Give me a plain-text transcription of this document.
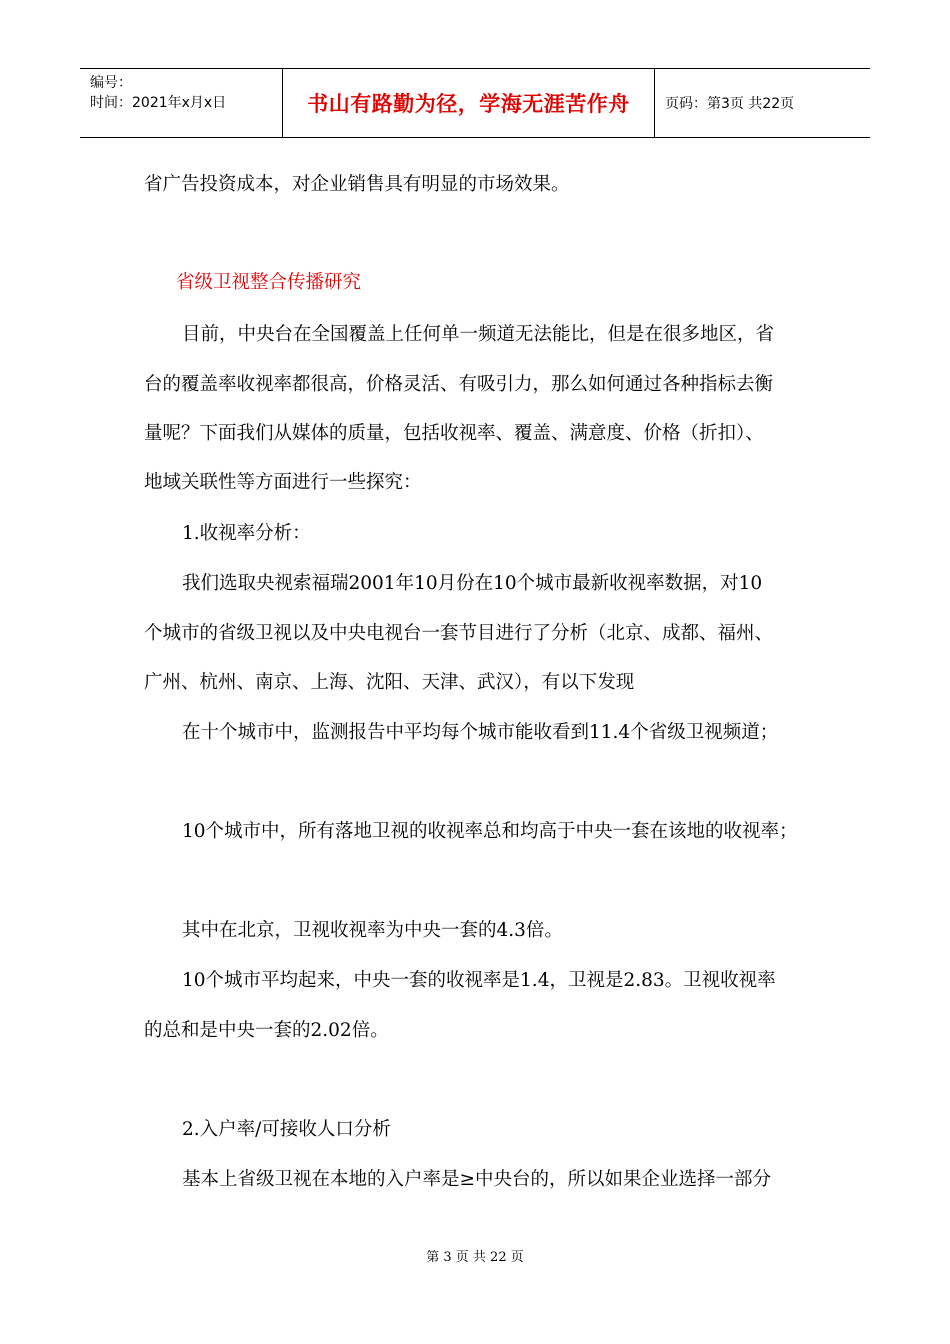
编号：
时间：2021年x月x日	书山有路勤为径，学海无涯苦作舟	页码：第3页 共22页
省广告投资成本，对企业销售具有明显的市场效果。
省级卫视整合传播研究
目前，中央台在全国覆盖上任何单一频道无法能比，但是在很多地区，省
台的覆盖率收视率都很高，价格灵活、有吸引力，那么如何通过各种指标去衡
量呢？下面我们从媒体的质量，包括收视率、覆盖、满意度、价格（折扣）、
地域关联性等方面进行一些探究：
1.收视率分析：
我们选取央视索福瑞2001年10月份在10个城市最新收视率数据，对10
个城市的省级卫视以及中央电视台一套节目进行了分析（北京、成都、福州、
广州、杭州、南京、上海、沈阳、天津、武汉），有以下发现
在十个城市中，监测报告中平均每个城市能收看到11.4个省级卫视频道；
10个城市中，所有落地卫视的收视率总和均高于中央一套在该地的收视率；
其中在北京，卫视收视率为中央一套的4.3倍。
10个城市平均起来，中央一套的收视率是1.4，卫视是2.83。卫视收视率
的总和是中央一套的2.02倍。
2.入户率/可接收人口分析
基本上省级卫视在本地的入户率是≥中央台的，所以如果企业选择一部分
第 3 页 共 22 页
